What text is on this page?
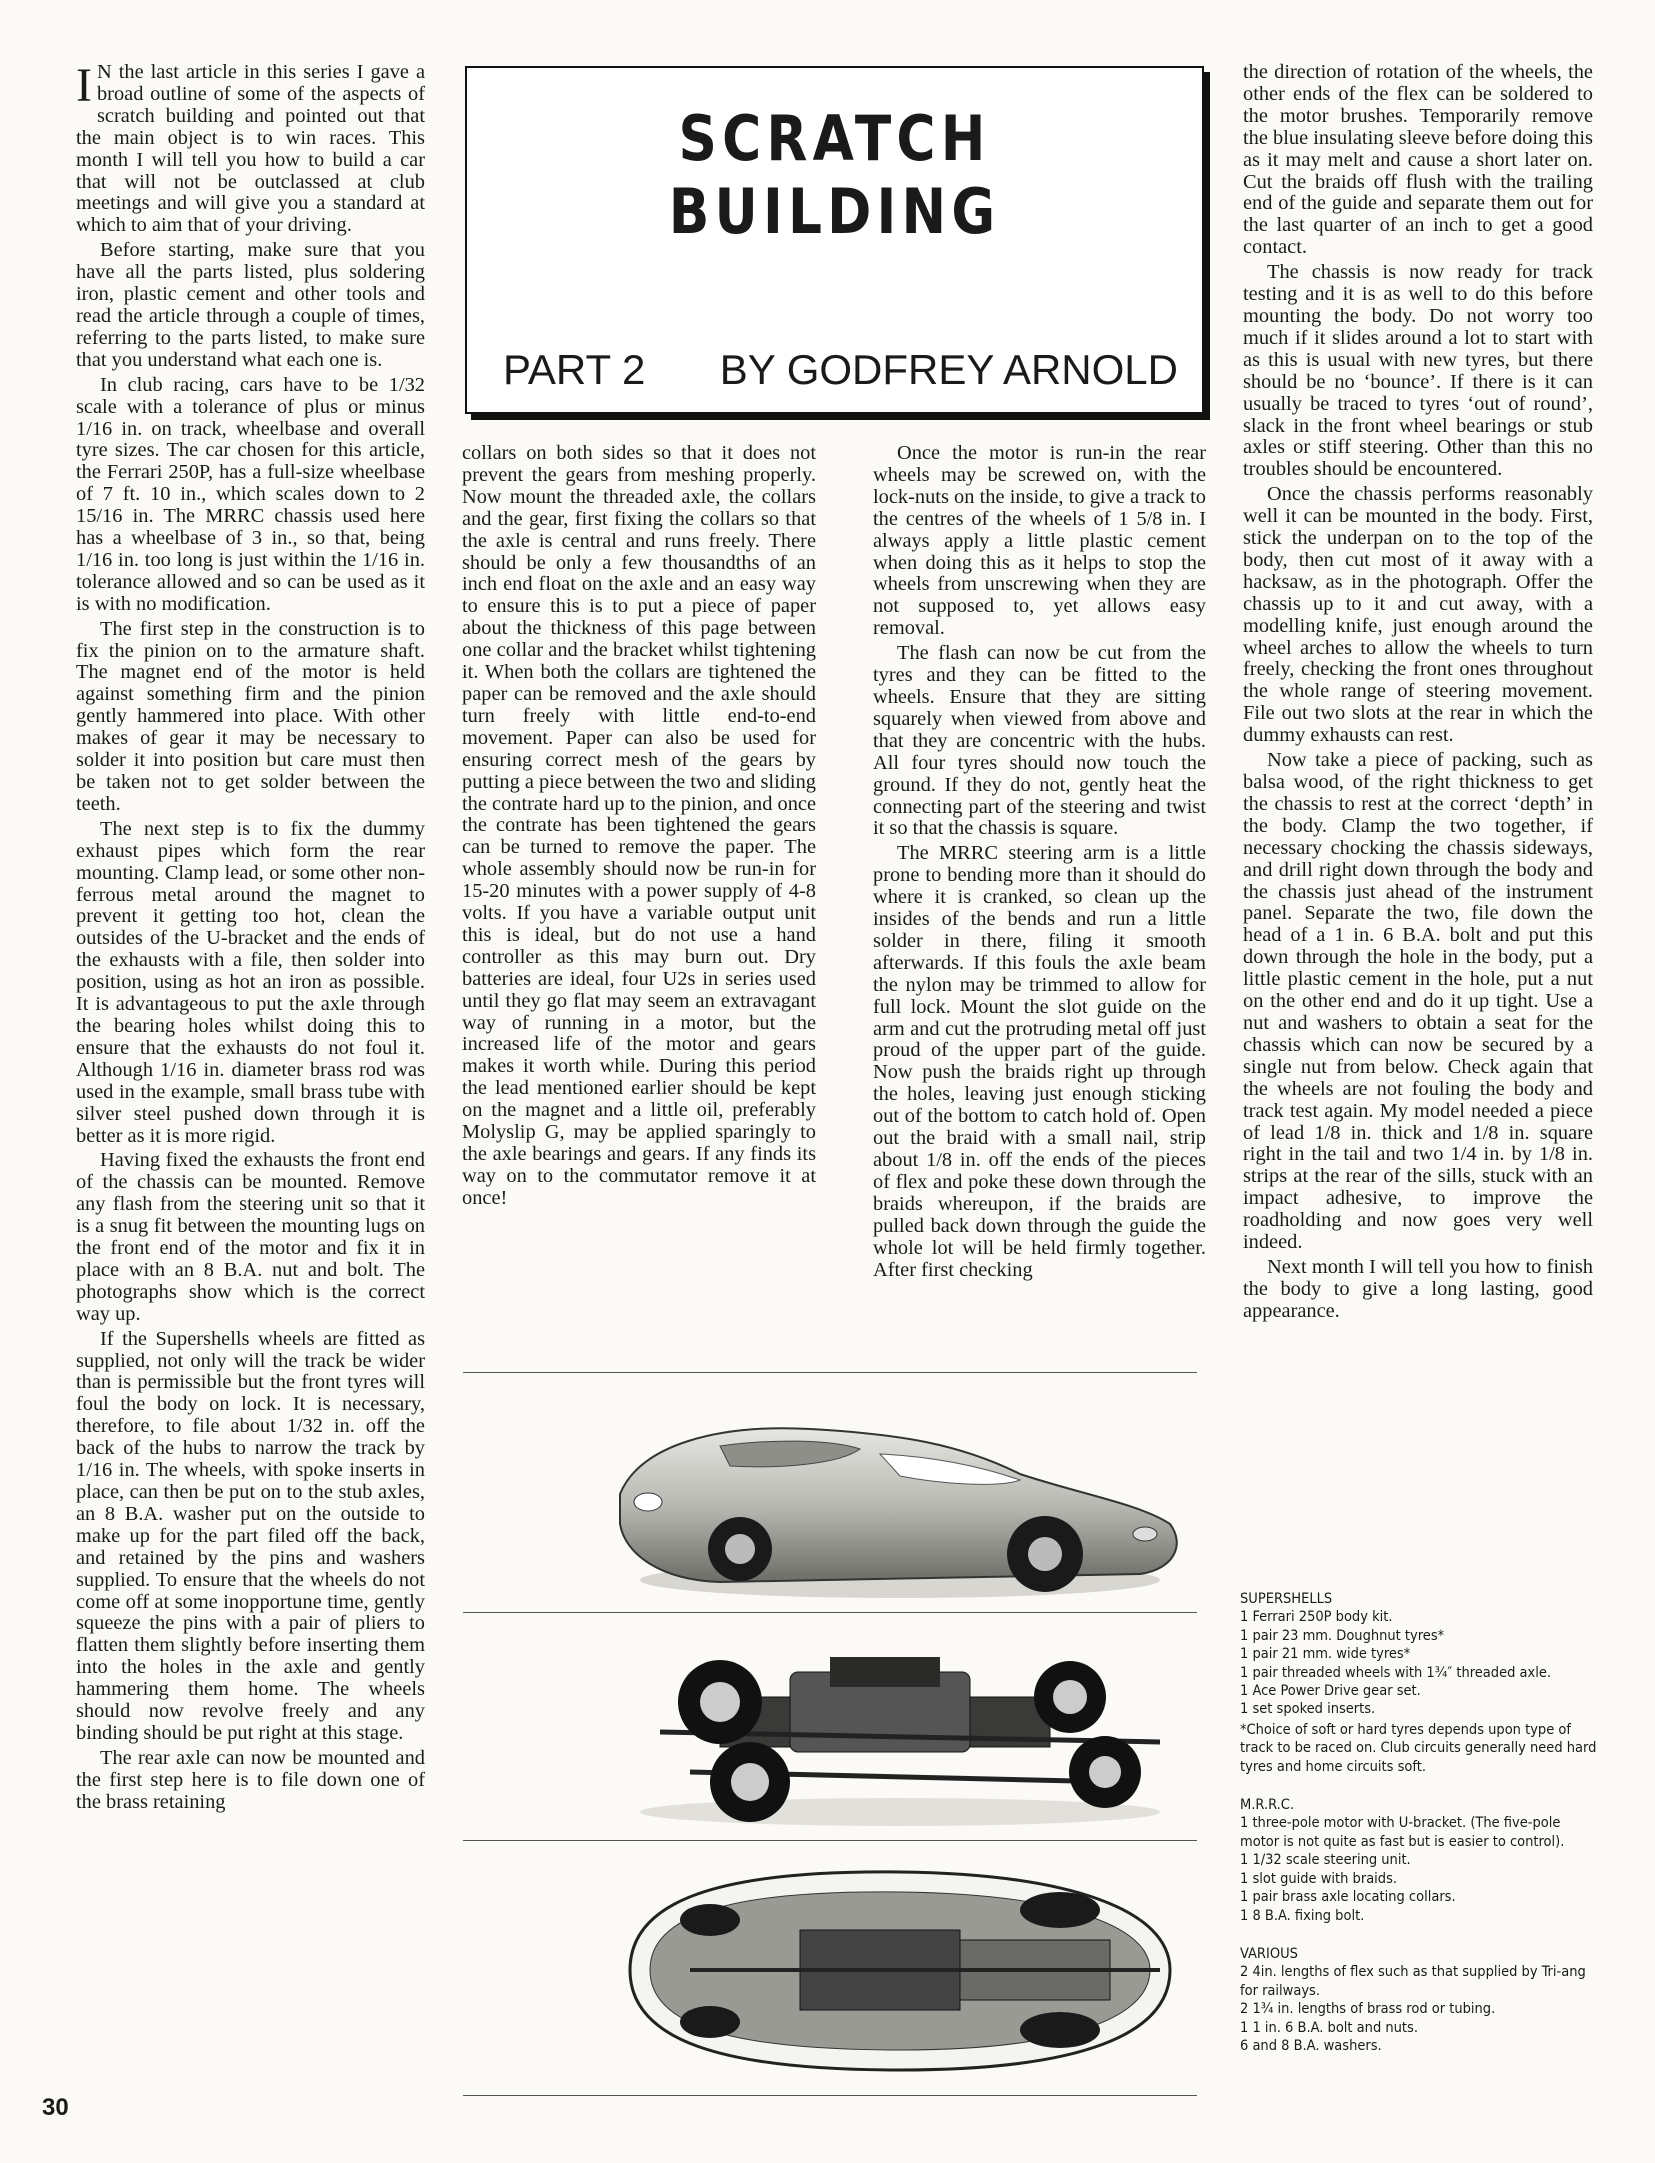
I N the last article in this series I gave a broad outline of some of the aspects of scratch building and pointed out that the main object is to win races. This month I will tell you how to build a car that will not be outclassed at club meetings and will give you a standard at which to aim that of your driving.

Before starting, make sure that you have all the parts listed, plus soldering iron, plastic cement and other tools and read the article through a couple of times, referring to the parts listed, to make sure that you understand what each one is.

In club racing, cars have to be 1/32 scale with a tolerance of plus or minus 1/16 in. on track, wheelbase and overall tyre sizes. The car chosen for this article, the Ferrari 250P, has a full-size wheelbase of 7 ft. 10 in., which scales down to 2 15/16 in. The MRRC chassis used here has a wheelbase of 3 in., so that, being 1/16 in. too long is just within the 1/16 in. tolerance allowed and so can be used as it is with no modification.

The first step in the construction is to fix the pinion on to the armature shaft. The magnet end of the motor is held against something firm and the pinion gently hammered into place. With other makes of gear it may be necessary to solder it into position but care must then be taken not to get solder between the teeth.

The next step is to fix the dummy exhaust pipes which form the rear mounting. Clamp lead, or some other non-ferrous metal around the magnet to prevent it getting too hot, clean the outsides of the U-bracket and the ends of the exhausts with a file, then solder into position, using as hot an iron as possible. It is advantageous to put the axle through the bearing holes whilst doing this to ensure that the exhausts do not foul it. Although 1/16 in. diameter brass rod was used in the example, small brass tube with silver steel pushed down through it is better as it is more rigid.

Having fixed the exhausts the front end of the chassis can be mounted. Remove any flash from the steering unit so that it is a snug fit between the mounting lugs on the front end of the motor and fix it in place with an 8 B.A. nut and bolt. The photographs show which is the correct way up.

If the Supershells wheels are fitted as supplied, not only will the track be wider than is permissible but the front tyres will foul the body on lock. It is necessary, therefore, to file about 1/32 in. off the back of the hubs to narrow the track by 1/16 in. The wheels, with spoke inserts in place, can then be put on to the stub axles, an 8 B.A. washer put on the outside to make up for the part filed off the back, and retained by the pins and washers supplied. To ensure that the wheels do not come off at some inopportune time, gently squeeze the pins with a pair of pliers to flatten them slightly before inserting them into the holes in the axle and gently hammering them home. The wheels should now revolve freely and any binding should be put right at this stage.

The rear axle can now be mounted and the first step here is to file down one of the brass retaining

SCRATCH BUILDING
PART 2 BY GODFREY ARNOLD

collars on both sides so that it does not prevent the gears from meshing properly. Now mount the threaded axle, the collars and the gear, first fixing the collars so that the axle is central and runs freely. There should be only a few thousandths of an inch end float on the axle and an easy way to ensure this is to put a piece of paper about the thickness of this page between one collar and the bracket whilst tightening it. When both the collars are tightened the paper can be removed and the axle should turn freely with little end-to-end movement. Paper can also be used for ensuring correct mesh of the gears by putting a piece between the two and sliding the contrate hard up to the pinion, and once the contrate has been tightened the gears can be turned to remove the paper. The whole assembly should now be run-in for 15-20 minutes with a power supply of 4-8 volts. If you have a variable output unit this is ideal, but do not use a hand controller as this may burn out. Dry batteries are ideal, four U2s in series used until they go flat may seem an extravagant way of running in a motor, but the increased life of the motor and gears makes it worth while. During this period the lead mentioned earlier should be kept on the magnet and a little oil, preferably Molyslip G, may be applied sparingly to the axle bearings and gears. If any finds its way on to the commutator remove it at once!

Once the motor is run-in the rear wheels may be screwed on, with the lock-nuts on the inside, to give a track to the centres of the wheels of 1 5/8 in. I always apply a little plastic cement when doing this as it helps to stop the wheels from unscrewing when they are not supposed to, yet allows easy removal.

The flash can now be cut from the tyres and they can be fitted to the wheels. Ensure that they are sitting squarely when viewed from above and that they are concentric with the hubs. All four tyres should now touch the ground. If they do not, gently heat the connecting part of the steering and twist it so that the chassis is square.

The MRRC steering arm is a little prone to bending more than it should do where it is cranked, so clean up the insides of the bends and run a little solder in there, filing it smooth afterwards. If this fouls the axle beam the nylon may be trimmed to allow for full lock. Mount the slot guide on the arm and cut the protruding metal off just proud of the upper part of the guide. Now push the braids right up through the holes, leaving just enough sticking out of the bottom to catch hold of. Open out the braid with a small nail, strip about 1/8 in. off the ends of the pieces of flex and poke these down through the braids whereupon, if the braids are pulled back down through the guide the whole lot will be held firmly together. After first checking

the direction of rotation of the wheels, the other ends of the flex can be soldered to the motor brushes. Temporarily remove the blue insulating sleeve before doing this as it may melt and cause a short later on. Cut the braids off flush with the trailing end of the guide and separate them out for the last quarter of an inch to get a good contact.

The chassis is now ready for track testing and it is as well to do this before mounting the body. Do not worry too much if it slides around a lot to start with as this is usual with new tyres, but there should be no ‘bounce’. If there is it can usually be traced to tyres ‘out of round’, slack in the front wheel bearings or stub axles or stiff steering. Other than this no troubles should be encountered.

Once the chassis performs reasonably well it can be mounted in the body. First, stick the underpan on to the top of the body, then cut most of it away with a hacksaw, as in the photograph. Offer the chassis up to it and cut away, with a modelling knife, just enough around the wheel arches to allow the wheels to turn freely, checking the front ones throughout the whole range of steering movement. File out two slots at the rear in which the dummy exhausts can rest.

Now take a piece of packing, such as balsa wood, of the right thickness to get the chassis to rest at the correct ‘depth’ in the body. Clamp the two together, if necessary chocking the chassis sideways, and drill right down through the body and the chassis just ahead of the instrument panel. Separate the two, file down the head of a 1 in. 6 B.A. bolt and put this down through the hole in the body, put a little plastic cement in the hole, put a nut on the other end and do it up tight. Use a nut and washers to obtain a seat for the chassis which can now be secured by a single nut from below. Check again that the wheels are not fouling the body and track test again. My model needed a piece of lead 1/8 in. thick and 1/8 in. square right in the tail and two 1/4 in. by 1/8 in. strips at the rear of the sills, stuck with an impact adhesive, to improve the roadholding and now goes very well indeed.

Next month I will tell you how to finish the body to give a long lasting, good appearance.

SUPERSHELLS
1 Ferrari 250P body kit.
1 pair 23 mm. Doughnut tyres*
1 pair 21 mm. wide tyres*
1 pair threaded wheels with 1¾″ threaded axle.
1 Ace Power Drive gear set.
1 set spoked inserts.
*Choice of soft or hard tyres depends upon type of track to be raced on. Club circuits generally need hard tyres and home circuits soft.
M.R.R.C.
1 three-pole motor with U-bracket. (The five-pole motor is not quite as fast but is easier to control).
1 1/32 scale steering unit.
1 slot guide with braids.
1 pair brass axle locating collars.
1 8 B.A. fixing bolt.
VARIOUS
2 4in. lengths of flex such as that supplied by Tri-ang for railways.
2 1¾ in. lengths of brass rod or tubing.
1 1 in. 6 B.A. bolt and nuts.
6 and 8 B.A. washers.
30
